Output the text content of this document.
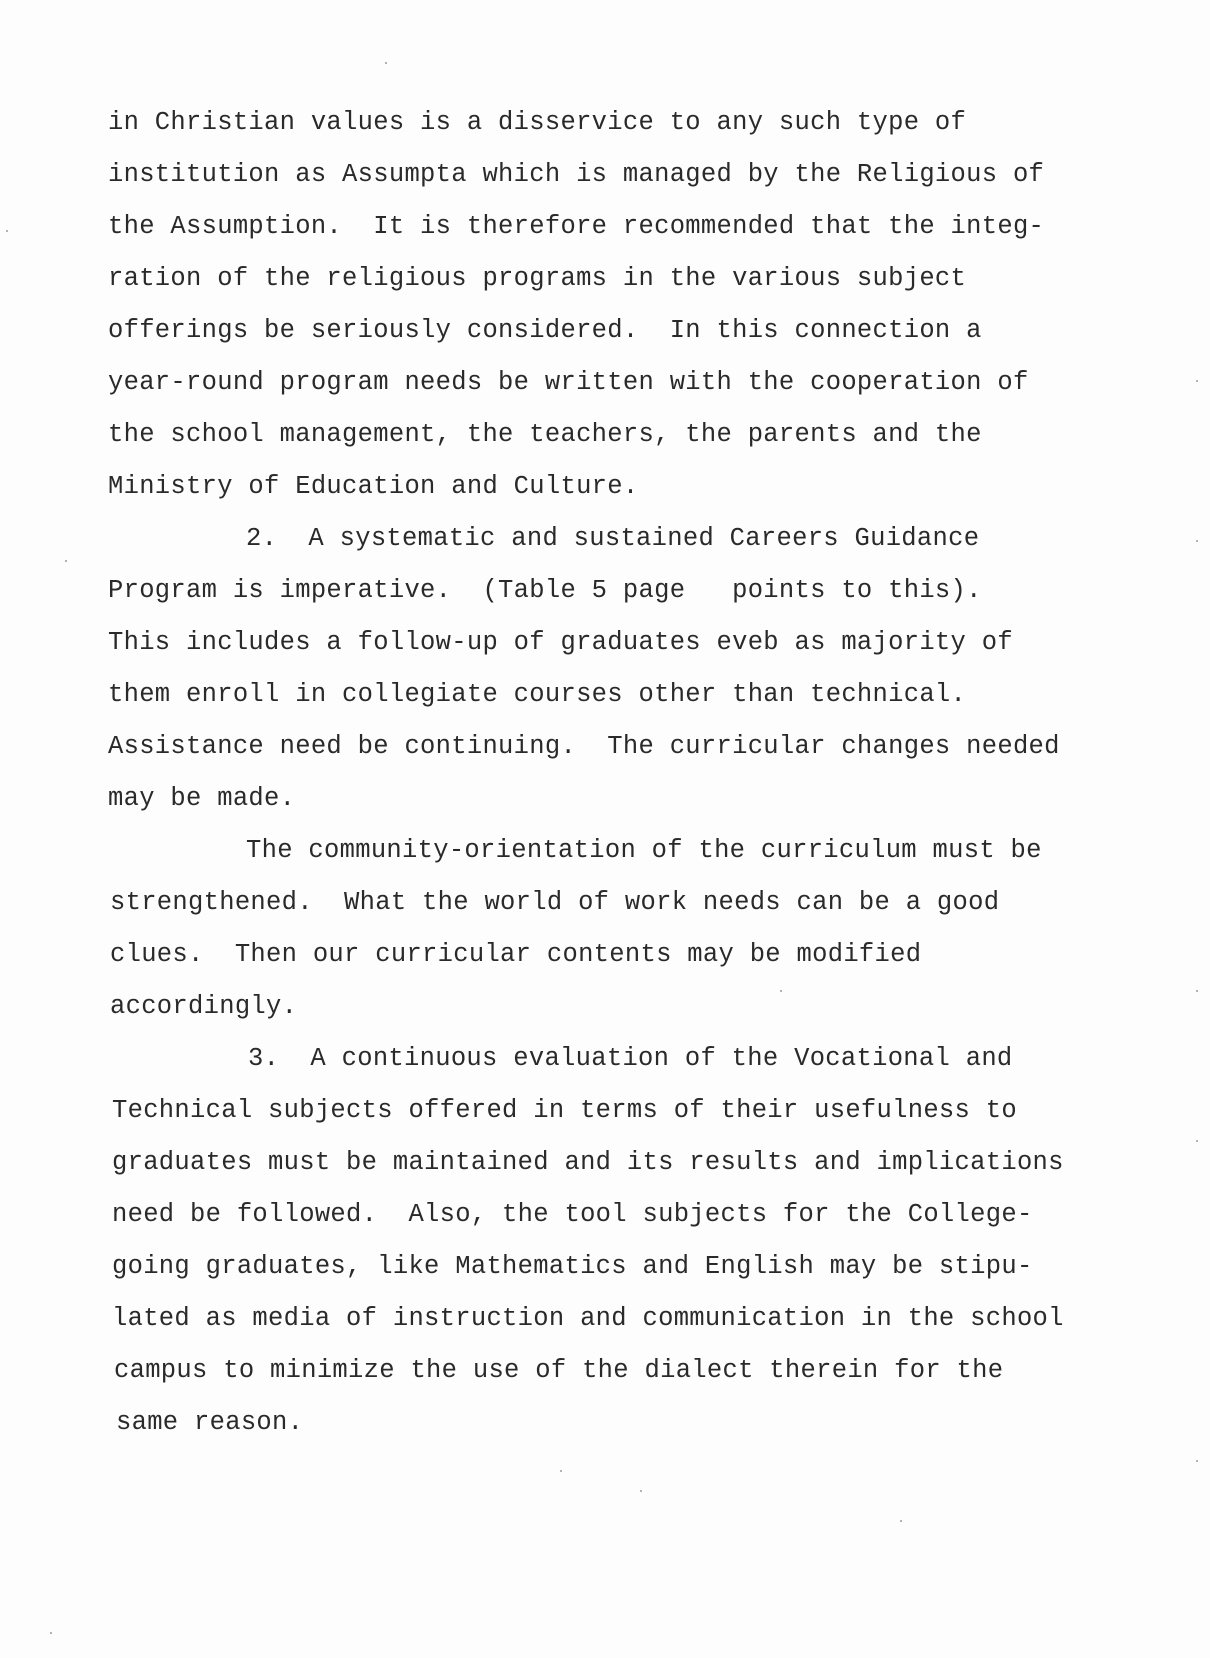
in Christian values is a disservice to any such type of
institution as Assumpta which is managed by the Religious of
the Assumption.  It is therefore recommended that the integ-
ration of the religious programs in the various subject
offerings be seriously considered.  In this connection a
year-round program needs be written with the cooperation of
the school management, the teachers, the parents and the
Ministry of Education and Culture.
2.  A systematic and sustained Careers Guidance
Program is imperative.  (Table 5 page   points to this).
This includes a follow-up of graduates eveb as majority of
them enroll in collegiate courses other than technical.
Assistance need be continuing.  The curricular changes needed
may be made.
The community-orientation of the curriculum must be
strengthened.  What the world of work needs can be a good
clues.  Then our curricular contents may be modified
accordingly.
3.  A continuous evaluation of the Vocational and
Technical subjects offered in terms of their usefulness to
graduates must be maintained and its results and implications
need be followed.  Also, the tool subjects for the College-
going graduates, like Mathematics and English may be stipu-
lated as media of instruction and communication in the school
campus to minimize the use of the dialect therein for the
same reason.
